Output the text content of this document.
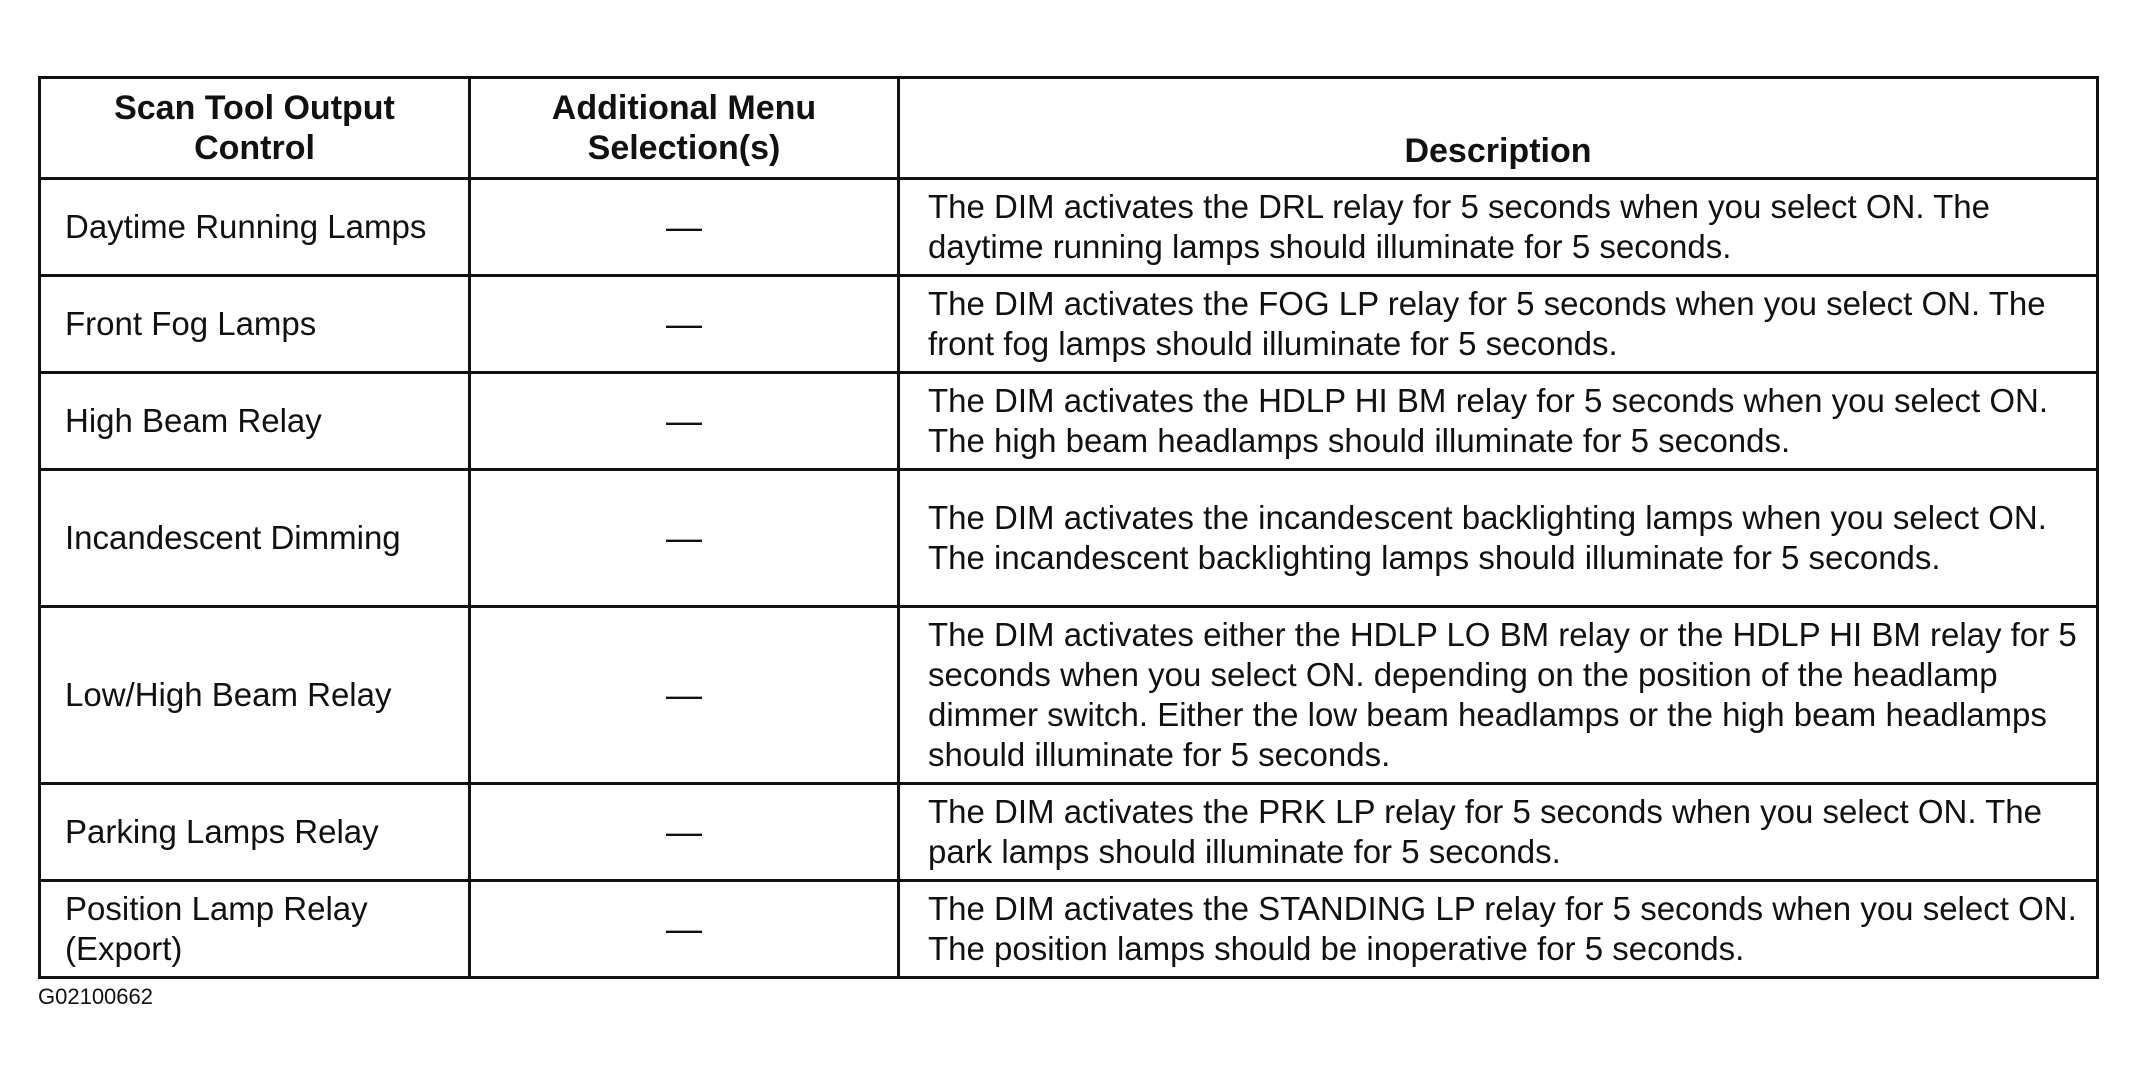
Scan Tool Output Control	Additional Menu Selection(s)	Description
Daytime Running Lamps	—	The DIM activates the DRL relay for 5 seconds when you select ON. The daytime running lamps should illuminate for 5 seconds.
Front Fog Lamps	—	The DIM activates the FOG LP relay for 5 seconds when you select ON. The front fog lamps should illuminate for 5 seconds.
High Beam Relay	—	The DIM activates the HDLP HI BM relay for 5 seconds when you select ON. The high beam headlamps should illuminate for 5 seconds.
Incandescent Dimming	—	The DIM activates the incandescent backlighting lamps when you select ON. The incandescent backlighting lamps should illuminate for 5 seconds.
Low/High Beam Relay	—	The DIM activates either the HDLP LO BM relay or the HDLP HI BM relay for 5 seconds when you select ON. depending on the position of the headlamp dimmer switch. Either the low beam headlamps or the high beam headlamps should illuminate for 5 seconds.
Parking Lamps Relay	—	The DIM activates the PRK LP relay for 5 seconds when you select ON. The park lamps should illuminate for 5 seconds.
Position Lamp Relay (Export)	—	The DIM activates the STANDING LP relay for 5 seconds when you select ON. The position lamps should be inoperative for 5 seconds.
G02100662
